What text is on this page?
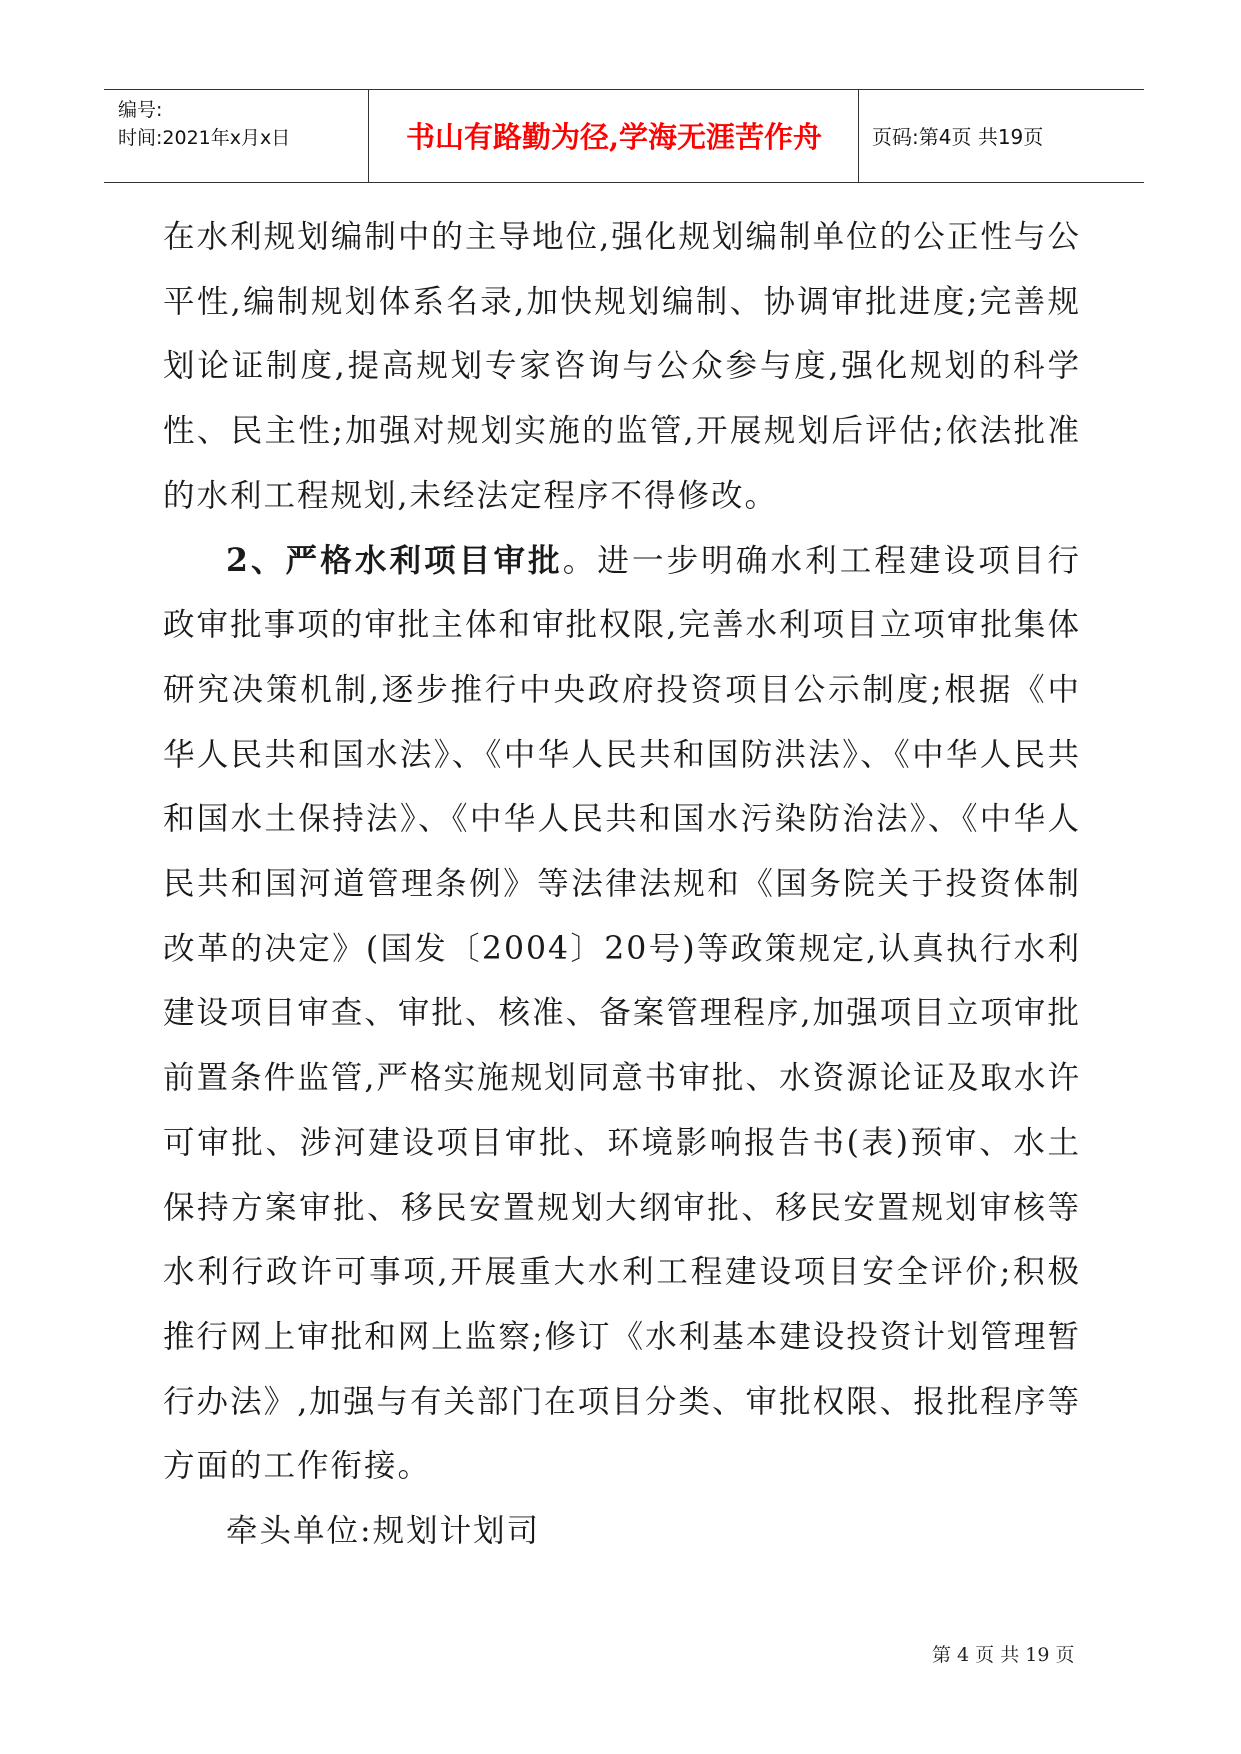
编号:
时间:2021年x月x日	书山有路勤为径,学海无涯苦作舟	页码:第4页 共19页

在水利规划编制中的主导地位,强化规划编制单位的公正性与公平性,编制规划体系名录,加快规划编制、协调审批进度;完善规划论证制度,提高规划专家咨询与公众参与度,强化规划的科学性、民主性;加强对规划实施的监管,开展规划后评估;依法批准的水利工程规划,未经法定程序不得修改。

2、严格水利项目审批。进一步明确水利工程建设项目行政审批事项的审批主体和审批权限,完善水利项目立项审批集体研究决策机制,逐步推行中央政府投资项目公示制度;根据《中华人民共和国水法》、《中华人民共和国防洪法》、《中华人民共和国水土保持法》、《中华人民共和国水污染防治法》、《中华人民共和国河道管理条例》等法律法规和《国务院关于投资体制改革的决定》(国发〔2004〕20号)等政策规定,认真执行水利建设项目审查、审批、核准、备案管理程序,加强项目立项审批前置条件监管,严格实施规划同意书审批、水资源论证及取水许可审批、涉河建设项目审批、环境影响报告书(表)预审、水土保持方案审批、移民安置规划大纲审批、移民安置规划审核等水利行政许可事项,开展重大水利工程建设项目安全评价;积极推行网上审批和网上监察;修订《水利基本建设投资计划管理暂行办法》,加强与有关部门在项目分类、审批权限、报批程序等方面的工作衔接。

牵头单位:规划计划司

第 4 页 共 19 页
